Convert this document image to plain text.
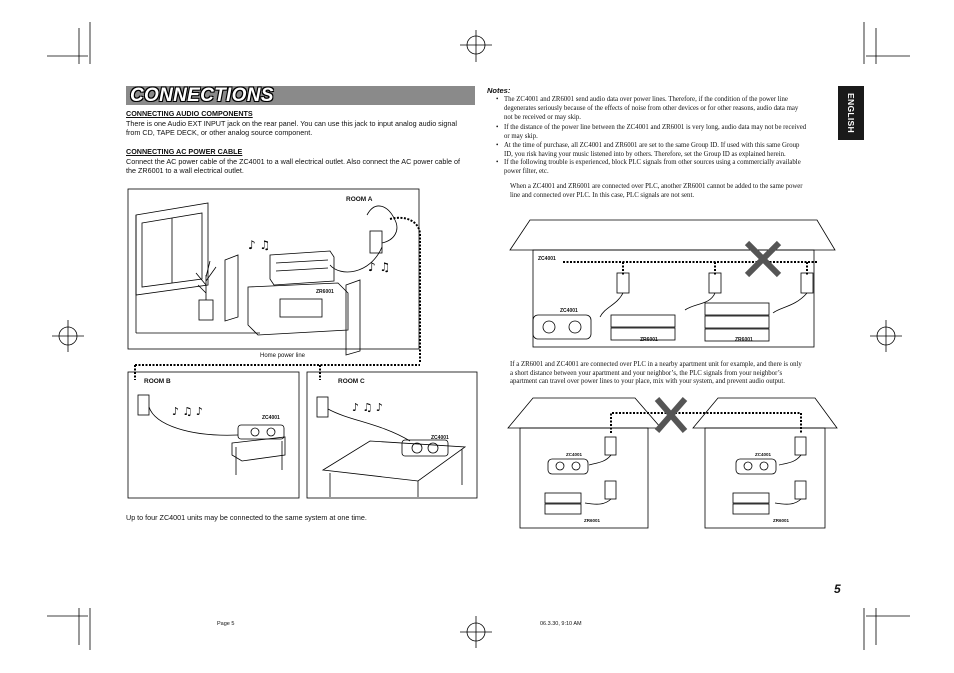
CONNECTIONS	ENGLISH
CONNECTING AUDIO COMPONENTS
There is one Audio EXT INPUT jack on the rear panel. You can use this jack to input analog audio signal
from CD, TAPE DECK, or other analog source component.
CONNECTING AC POWER CABLE
Connect the AC power cable of the ZC4001 to a wall electrical outlet. Also connect the AC power cable of
the ZR6001 to a wall electrical outlet.
♪ ♫
♪ ♫
♪ ♫ ♪	♪ ♫ ♪
ROOM A
ZR6001
Home power line
ROOM B	ROOM C
ZC4001
ZC4001
Up to four ZC4001 units may be connected to the same system at one time.
Notes:
• The ZC4001 and ZR6001 send audio data over power lines. Therefore, if the condition of the power line
degenerates seriously because of the effects of noise from other devices or for other reasons, audio data may
not be received or may skip.
• If the distance of the power line between the ZC4001 and ZR6001 is very long, audio data may not be received
or may skip.
• At the time of purchase, all ZC4001 and ZR6001 are set to the same Group ID. If used with this same Group
ID, you risk having your music listened into by others. Therefore, set the Group ID as explained herein.
• If the following trouble is experienced, block PLC signals from other sources using a commercially available
power filter, etc.
When a ZC4001 and ZR6001 are connected over PLC, another ZR6001 cannot be added to the same power
line and connected over PLC. In this case, PLC signals are not sent.
ZC4001
ZC4001
ZR6001	ZR6001
If a ZR6001 and ZC4001 are connected over PLC in a nearby apartment unit for example, and there is only
a short distance between your apartment and your neighbor’s, the PLC signals from your neighbor’s
apartment can travel over power lines to your place, mix with your system, and prevent audio output.
ZC4001
ZR6001
ZC4001
ZR6001
5
Page 5	06.3.30, 9:10 AM
